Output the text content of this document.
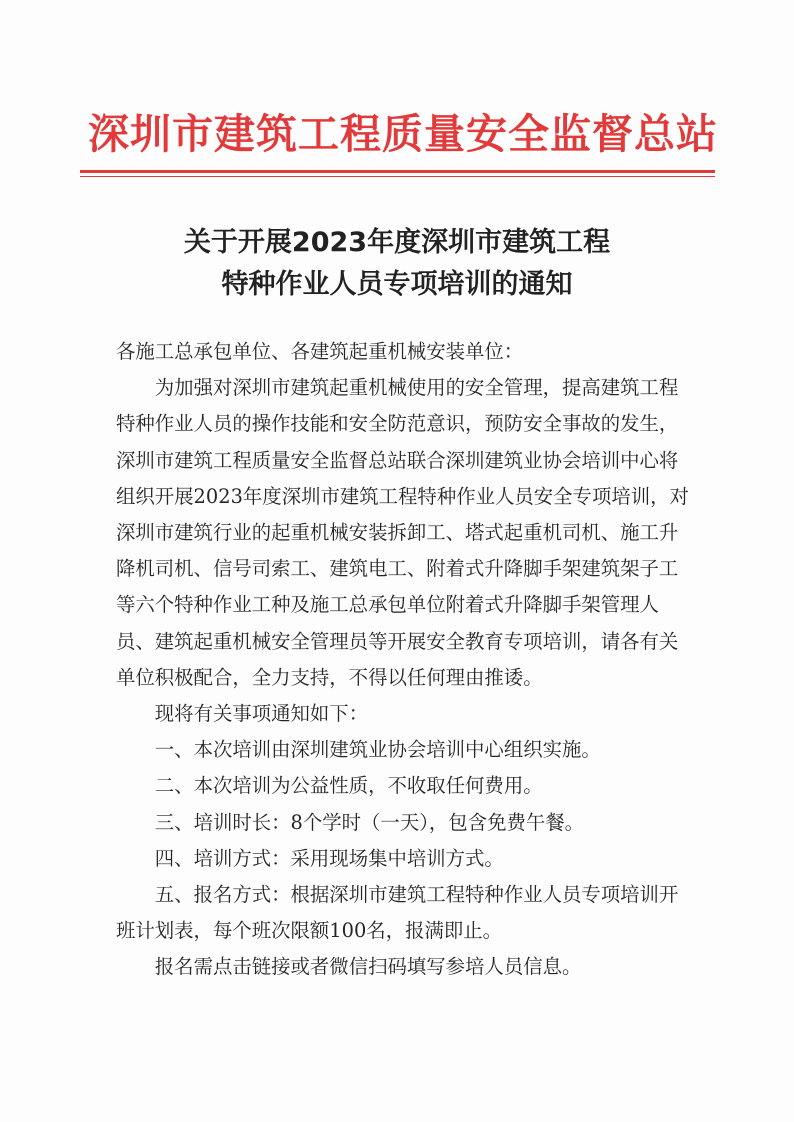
深圳市建筑工程质量安全监督总站
关于开展2023年度深圳市建筑工程
特种作业人员专项培训的通知

各施工总承包单位、各建筑起重机械安装单位：

为加强对深圳市建筑起重机械使用的安全管理，提高建筑工程特种作业人员的操作技能和安全防范意识，预防安全事故的发生，深圳市建筑工程质量安全监督总站联合深圳建筑业协会培训中心将组织开展2023年度深圳市建筑工程特种作业人员安全专项培训，对深圳市建筑行业的起重机械安装拆卸工、塔式起重机司机、施工升降机司机、信号司索工、建筑电工、附着式升降脚手架建筑架子工等六个特种作业工种及施工总承包单位附着式升降脚手架管理人员、建筑起重机械安全管理员等开展安全教育专项培训，请各有关单位积极配合，全力支持，不得以任何理由推诿。

现将有关事项通知如下：

一、本次培训由深圳建筑业协会培训中心组织实施。

二、本次培训为公益性质，不收取任何费用。

三、培训时长：8个学时（一天），包含免费午餐。

四、培训方式：采用现场集中培训方式。

五、报名方式：根据深圳市建筑工程特种作业人员专项培训开班计划表，每个班次限额100名，报满即止。

报名需点击链接或者微信扫码填写参培人员信息。
